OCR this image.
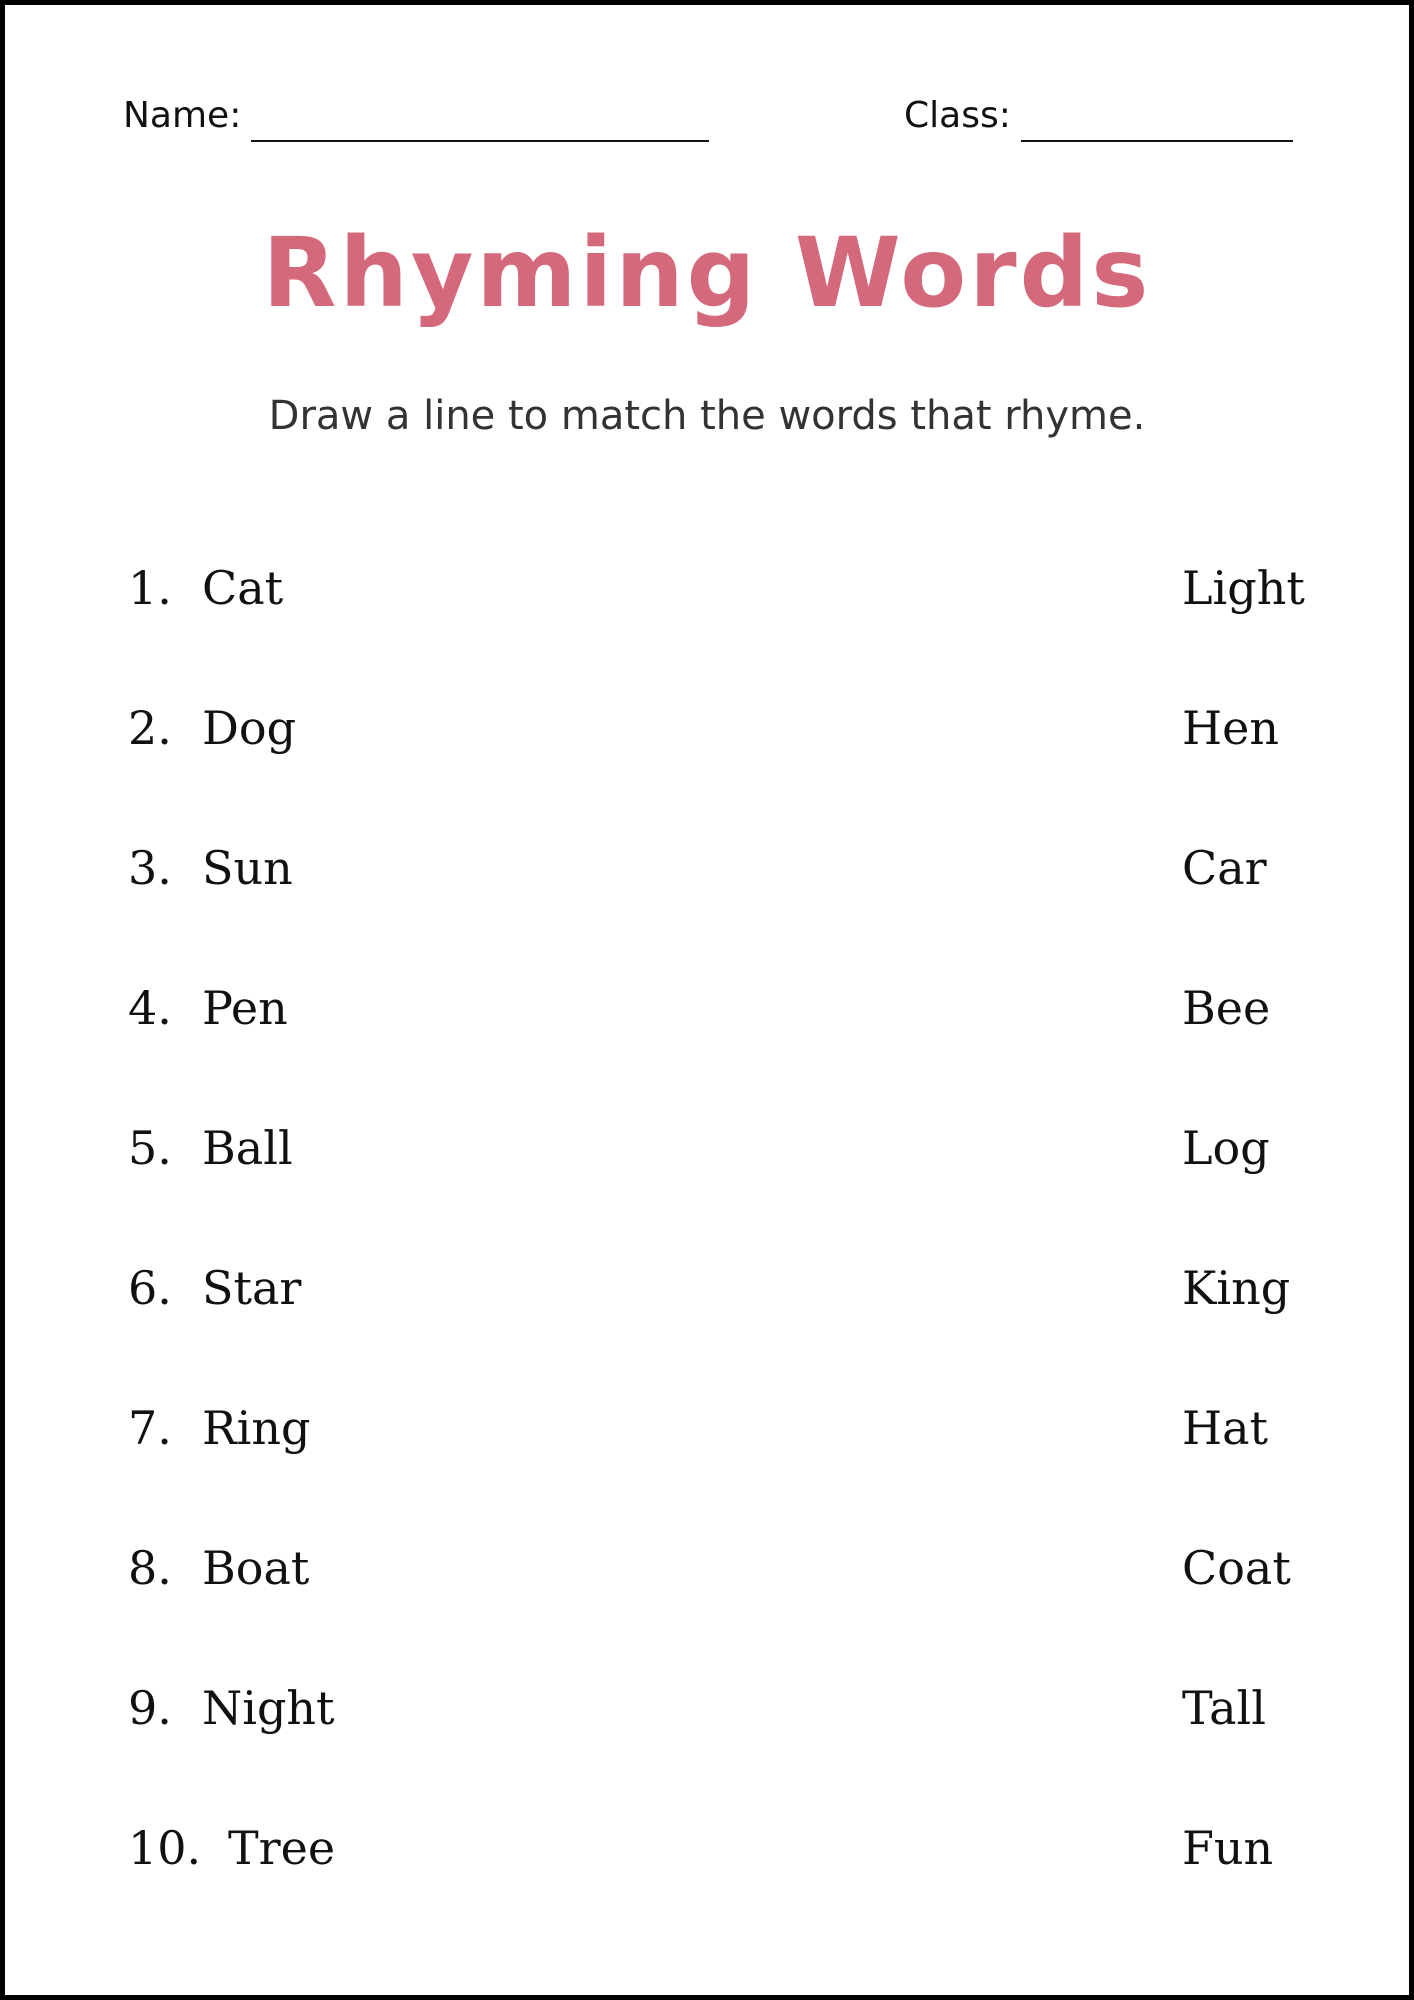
Name:	Class:
Rhyming Words
Draw a line to match the words that rhyme.
1. Cat	Light
2. Dog	Hen
3. Sun	Car
4. Pen	Bee
5. Ball	Log
6. Star	King
7. Ring	Hat
8. Boat	Coat
9. Night	Tall
10. Tree	Fun
